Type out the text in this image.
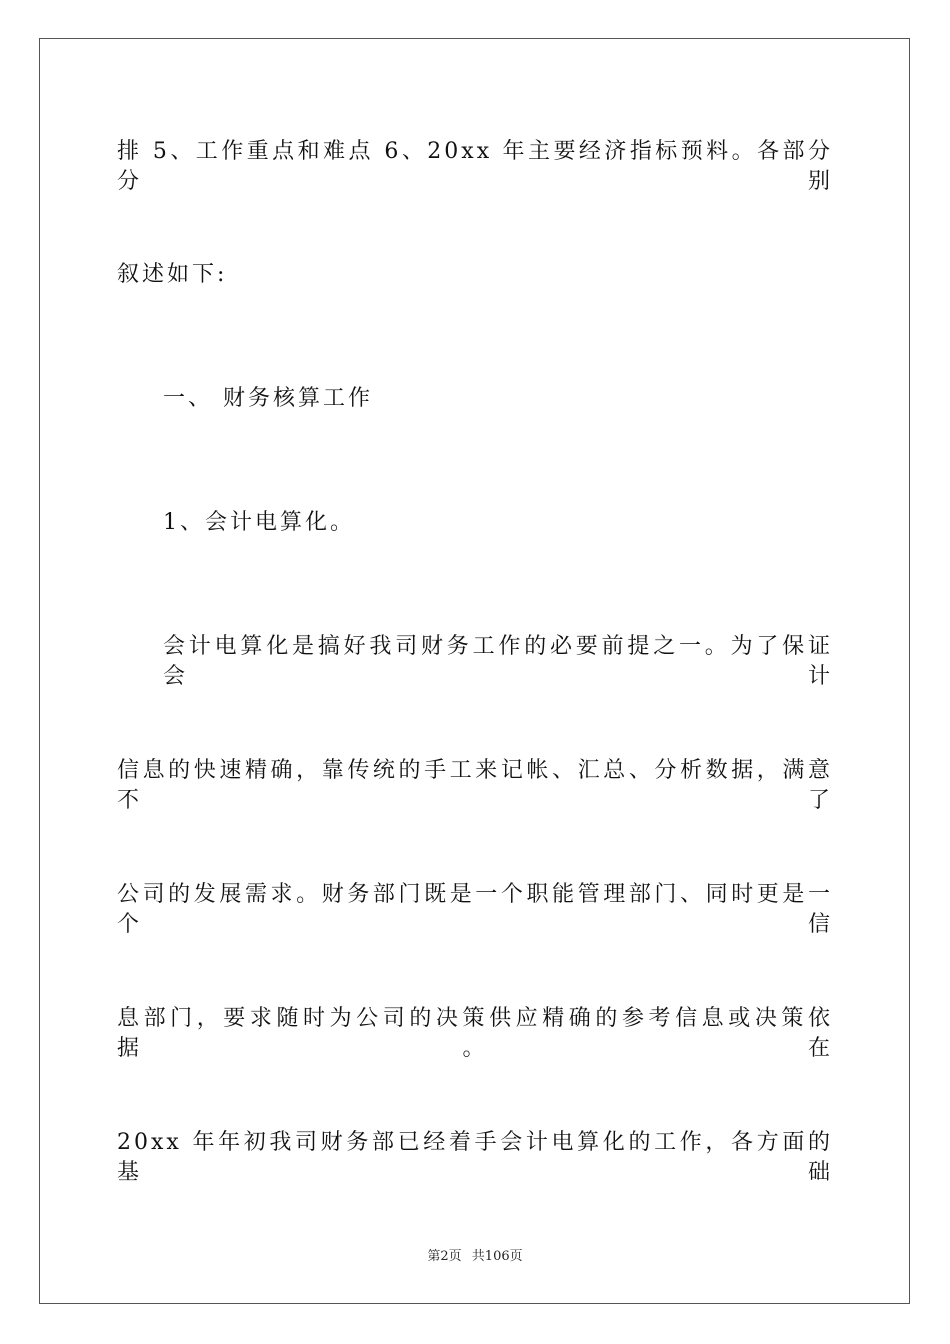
排 5、工作重点和难点 6、20xx 年主要经济指标预料。各部分分别
叙述如下:
一、 财务核算工作
1、会计电算化。
会计电算化是搞好我司财务工作的必要前提之一。为了保证会计
信息的快速精确，靠传统的手工来记帐、汇总、分析数据，满意不了
公司的发展需求。财务部门既是一个职能管理部门、同时更是一个信
息部门，要求随时为公司的决策供应精确的参考信息或决策依据。在
20xx 年年初我司财务部已经着手会计电算化的工作，各方面的基础
第2页 共106页
